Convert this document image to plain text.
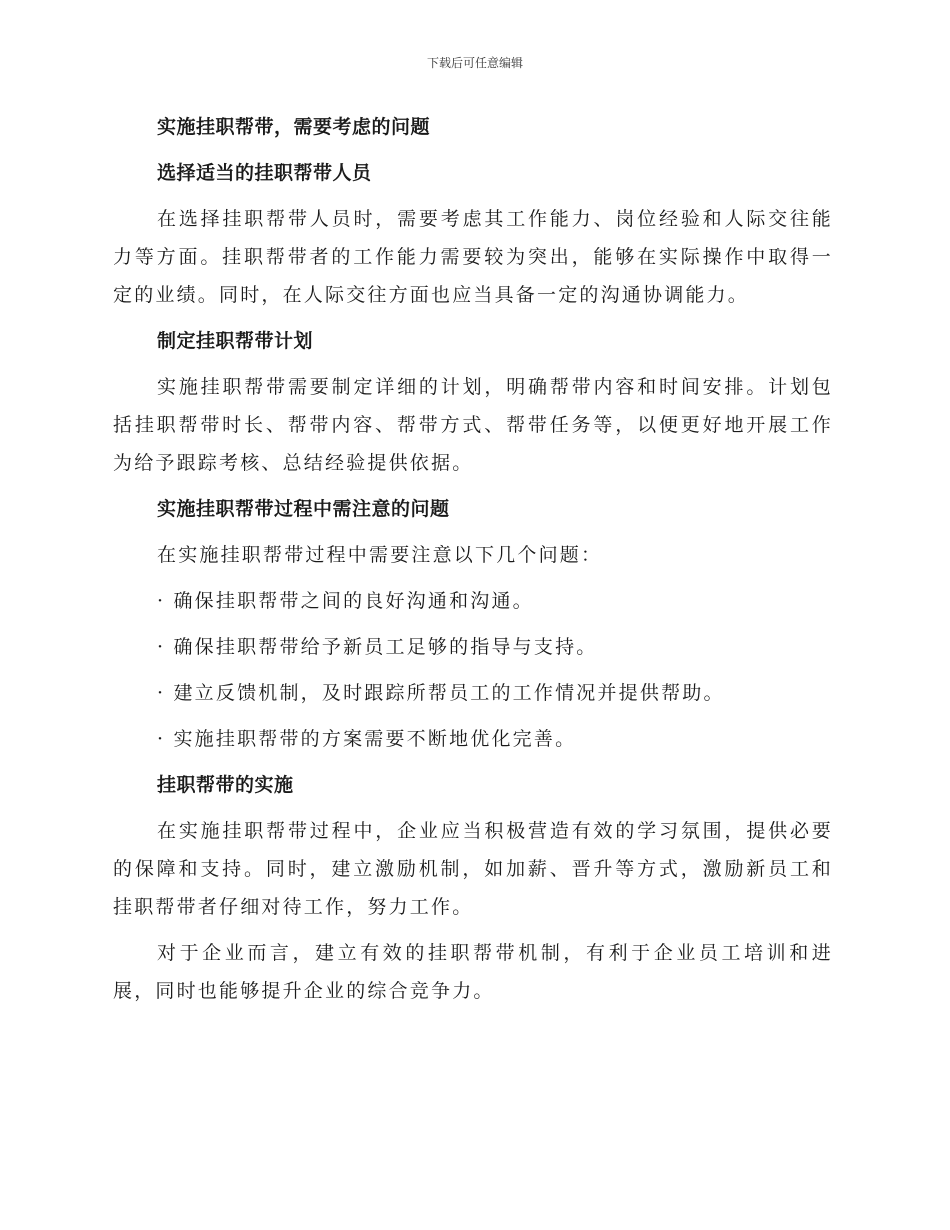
下载后可任意编辑
实施挂职帮带，需要考虑的问题
选择适当的挂职帮带人员

在选择挂职帮带人员时，需要考虑其工作能力、岗位经验和人际交往能力等方面。挂职帮带者的工作能力需要较为突出，能够在实际操作中取得一定的业绩。同时，在人际交往方面也应当具备一定的沟通协调能力。

制定挂职帮带计划

实施挂职帮带需要制定详细的计划，明确帮带内容和时间安排。计划包括挂职帮带时长、帮带内容、帮带方式、帮带任务等，以便更好地开展工作为给予跟踪考核、总结经验提供依据。

实施挂职帮带过程中需注意的问题

在实施挂职帮带过程中需要注意以下几个问题：

· 确保挂职帮带之间的良好沟通和沟通。

· 确保挂职帮带给予新员工足够的指导与支持。

· 建立反馈机制，及时跟踪所帮员工的工作情况并提供帮助。

· 实施挂职帮带的方案需要不断地优化完善。

挂职帮带的实施

在实施挂职帮带过程中，企业应当积极营造有效的学习氛围，提供必要的保障和支持。同时，建立激励机制，如加薪、晋升等方式，激励新员工和挂职帮带者仔细对待工作，努力工作。

对于企业而言，建立有效的挂职帮带机制，有利于企业员工培训和进展，同时也能够提升企业的综合竞争力。
